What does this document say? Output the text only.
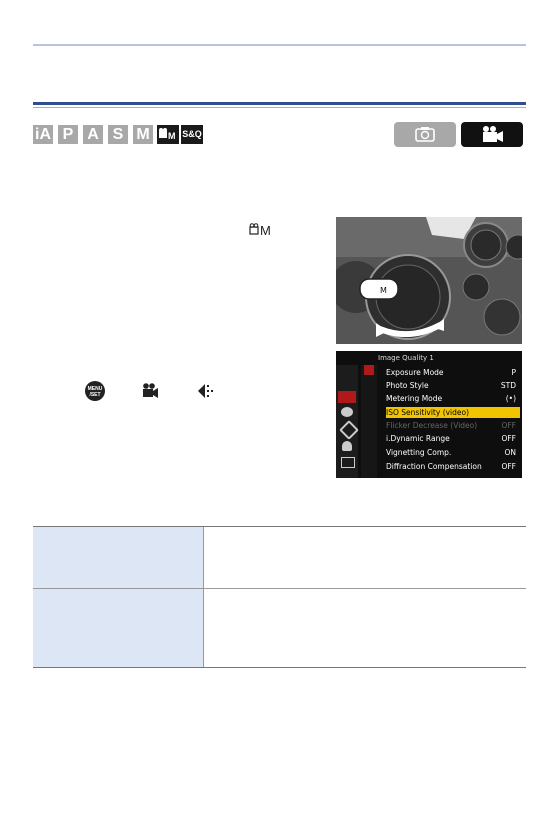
iA P A S M	M S&Q
M
M
MENU
/SET
Image Quality 1
Exposure Mode	P
Photo Style	STD
Metering Mode	(•)
ISO Sensitivity (video)
Flicker Decrease (Video)	OFF
i.Dynamic Range	OFF
Vignetting Comp.	ON
Diffraction Compensation	OFF
